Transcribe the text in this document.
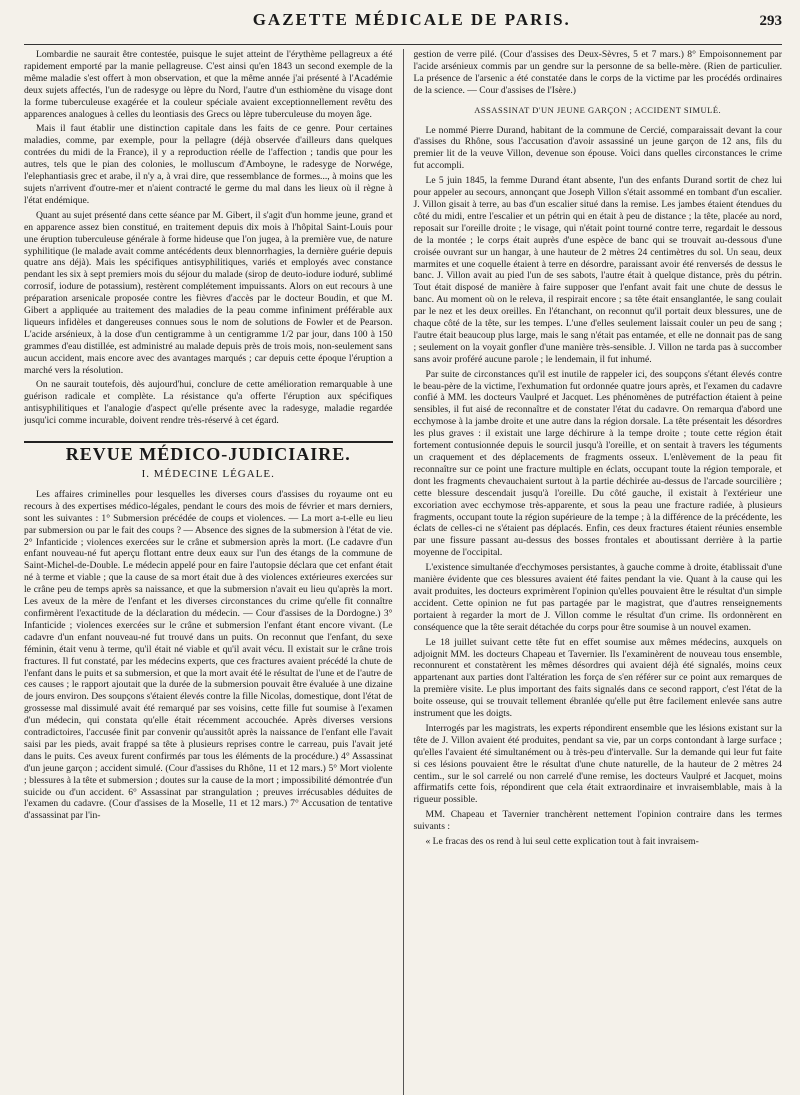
GAZETTE MÉDICALE DE PARIS.	293

Lombardie ne saurait être contestée, puisque le sujet atteint de l'érythème pellagreux a été rapidement emporté par la manie pellagreuse. C'est ainsi qu'en 1843 un second exemple de la même maladie s'est offert à mon observation, et que la même année j'ai présenté à l'Académie deux sujets affectés, l'un de radesyge ou lèpre du Nord, l'autre d'un esthiomène du visage dont la forme tuberculeuse exagérée et la couleur spéciale avaient exceptionnellement revêtu des apparences analogues à celles du leontiasis des Grecs ou lèpre tuberculeuse du moyen âge.

Mais il faut établir une distinction capitale dans les faits de ce genre. Pour certaines maladies, comme, par exemple, pour la pellagre (déjà observée d'ailleurs dans quelques contrées du midi de la France), il y a reproduction réelle de l'affection ; tandis que pour les autres, tels que le pian des colonies, le molluscum d'Amboyne, le radesyge de Norwége, l'elephantiasis grec et arabe, il n'y a, à vrai dire, que ressemblance de formes..., à moins que les sujets n'arrivent d'outre-mer et n'aient contracté le germe du mal dans les lieux où il règne à l'état endémique.

Quant au sujet présenté dans cette séance par M. Gibert, il s'agit d'un homme jeune, grand et en apparence assez bien constitué, en traitement depuis dix mois à l'hôpital Saint-Louis pour une éruption tuberculeuse générale à forme hideuse que l'on jugea, à la première vue, de nature syphilitique (le malade avait comme antécédents deux blennorrhagies, la dernière guérie depuis quatre ans déjà). Mais les spécifiques antisyphilitiques, variés et employés avec constance pendant les six à sept premiers mois du séjour du malade (sirop de deuto-iodure ioduré, sublimé corrosif, iodure de potassium), restèrent complétement impuissants. Alors on eut recours à une préparation arsenicale proposée contre les fièvres d'accès par le docteur Boudin, et que M. Gibert a appliquée au traitement des maladies de la peau comme infiniment préférable aux liqueurs infidèles et dangereuses connues sous le nom de solutions de Fowler et de Pearson. L'acide arsénieux, à la dose d'un centigramme à un centigramme 1/2 par jour, dans 100 à 150 grammes d'eau distillée, est administré au malade depuis près de trois mois, non-seulement sans aucun accident, mais encore avec des avantages marqués ; car depuis cette époque l'éruption a marché vers la résolution.

On ne saurait toutefois, dès aujourd'hui, conclure de cette amélioration remarquable à une guérison radicale et complète. La résistance qu'a offerte l'éruption aux spécifiques antisyphilitiques et l'analogie d'aspect qu'elle présente avec la radesyge, maladie regardée jusqu'ici comme incurable, doivent rendre très-réservé à cet égard.

REVUE MÉDICO-JUDICIAIRE.
I. MÉDECINE LÉGALE.

Les affaires criminelles pour lesquelles les diverses cours d'assises du royaume ont eu recours à des expertises médico-légales, pendant le cours des mois de février et mars derniers, sont les suivantes : 1° Submersion précédée de coups et violences. — La mort a-t-elle eu lieu par submersion ou par le fait des coups ? — Absence des signes de la submersion à l'état de vie. 2° Infanticide ; violences exercées sur le crâne et submersion après la mort. (Le cadavre d'un enfant nouveau-né fut aperçu flottant entre deux eaux sur l'un des étangs de la commune de Saint-Michel-de-Double. Le médecin appelé pour en faire l'autopsie déclara que cet enfant était né à terme et viable ; que la cause de sa mort était due à des violences extérieures exercées sur le crâne peu de temps après sa naissance, et que la submersion n'avait eu lieu qu'après la mort. Les aveux de la mère de l'enfant et les diverses circonstances du crime qu'elle fit connaître confirmèrent l'exactitude de la déclaration du médecin. — Cour d'assises de la Dordogne.) 3° Infanticide ; violences exercées sur le crâne et submersion l'enfant étant encore vivant. (Le cadavre d'un enfant nouveau-né fut trouvé dans un puits. On reconnut que l'enfant, du sexe féminin, était venu à terme, qu'il était né viable et qu'il avait vécu. Il existait sur le crâne trois fractures. Il fut constaté, par les médecins experts, que ces fractures avaient précédé la chute de l'enfant dans le puits et sa submersion, et que la mort avait été le résultat de l'une et de l'autre de ces causes ; le rapport ajoutait que la durée de la submersion pouvait être évaluée à une dizaine de jours environ. Des soupçons s'étaient élevés contre la fille Nicolas, domestique, dont l'état de grossesse mal dissimulé avait été remarqué par ses voisins, cette fille fut soumise à l'examen d'un médecin, qui constata qu'elle était récemment accouchée. Après diverses versions contradictoires, l'accusée finit par convenir qu'aussitôt après la naissance de l'enfant elle l'avait saisi par les pieds, avait frappé sa tête à plusieurs reprises contre le carreau, puis l'avait jeté dans le puits. Ces aveux furent confirmés par tous les éléments de la procédure.) 4° Assassinat d'un jeune garçon ; accident simulé. (Cour d'assises du Rhône, 11 et 12 mars.) 5° Mort violente ; blessures à la tête et submersion ; doutes sur la cause de la mort ; impossibilité démontrée d'un suicide ou d'un accident. 6° Assassinat par strangulation ; preuves irrécusables déduites de l'examen du cadavre. (Cour d'assises de la Moselle, 11 et 12 mars.) 7° Accusation de tentative d'assassinat par l'in-

gestion de verre pilé. (Cour d'assises des Deux-Sèvres, 5 et 7 mars.) 8° Empoisonnement par l'acide arsénieux commis par un gendre sur la personne de sa belle-mère. (Rien de particulier. La présence de l'arsenic a été constatée dans le corps de la victime par les procédés ordinaires de la science. — Cour d'assises de l'Isère.)

ASSASSINAT D'UN JEUNE GARÇON ; ACCIDENT SIMULÉ.

Le nommé Pierre Durand, habitant de la commune de Cercié, comparaissait devant la cour d'assises du Rhône, sous l'accusation d'avoir assassiné un jeune garçon de 12 ans, fils du premier lit de la veuve Villon, devenue son épouse. Voici dans quelles circonstances le crime fut accompli.

Le 5 juin 1845, la femme Durand étant absente, l'un des enfants Durand sortit de chez lui pour appeler au secours, annonçant que Joseph Villon s'était assommé en tombant d'un escalier. J. Villon gisait à terre, au bas d'un escalier situé dans la remise. Les jambes étaient étendues du côté du midi, entre l'escalier et un pétrin qui en était à peu de distance ; la tête, placée au nord, reposait sur l'oreille droite ; le visage, qui n'était point tourné contre terre, regardait le dessous de la montée ; le corps était auprès d'une espèce de banc qui se trouvait au-dessous d'une croisée ouvrant sur un hangar, à une hauteur de 2 mètres 24 centimètres du sol. Un seau, deux marmites et une coquelle étaient à terre en désordre, paraissant avoir été renversés de dessus le banc. J. Villon avait au pied l'un de ses sabots, l'autre était à quelque distance, près du pétrin. Tout était disposé de manière à faire supposer que l'enfant avait fait une chute de dessus le banc. Au moment où on le releva, il respirait encore ; sa tête était ensanglantée, le sang coulait par le nez et les deux oreilles. En l'étanchant, on reconnut qu'il portait deux blessures, une de chaque côté de la tête, sur les tempes. L'une d'elles seulement laissait couler un peu de sang ; l'autre était beaucoup plus large, mais le sang n'était pas entamée, et elle ne donnait pas de sang ; seulement on la voyait gonfler d'une manière très-sensible. J. Villon ne tarda pas à succomber sans avoir proféré aucune parole ; le lendemain, il fut inhumé.

Par suite de circonstances qu'il est inutile de rappeler ici, des soupçons s'étant élevés contre le beau-père de la victime, l'exhumation fut ordonnée quatre jours après, et l'examen du cadavre confié à MM. les docteurs Vaulpré et Jacquet. Les phénomènes de putréfaction étaient à peine sensibles, il fut aisé de reconnaître et de constater l'état du cadavre. On remarqua d'abord une ecchymose à la jambe droite et une autre dans la région dorsale. La tête présentait les désordres les plus graves : il existait une large déchirure à la tempe droite ; toute cette région était fortement contusionnée depuis le sourcil jusqu'à l'oreille, et on sentait à travers les téguments un craquement et des déplacements de fragments osseux. L'enlèvement de la peau fit reconnaître sur ce point une fracture multiple en éclats, occupant toute la région temporale, et dont les fragments chevauchaient surtout à la partie déchirée au-dessus de l'arcade sourcilière ; cette blessure descendait jusqu'à l'oreille. Du côté gauche, il existait à l'extérieur une excoriation avec ecchymose très-apparente, et sous la peau une fracture radiée, à plusieurs fragments, occupant toute la région supérieure de la tempe ; à la différence de la précédente, les éclats de celles-ci ne s'étaient pas déplacés. Enfin, ces deux fractures étaient réunies ensemble par une fissure passant au-dessus des bosses frontales et aboutissant derrière à la partie moyenne de l'occipital.

L'existence simultanée d'ecchymoses persistantes, à gauche comme à droite, établissait d'une manière évidente que ces blessures avaient été faites pendant la vie. Quant à la cause qui les avait produites, les docteurs exprimèrent l'opinion qu'elles pouvaient être le résultat d'un simple accident. Cette opinion ne fut pas partagée par le magistrat, que d'autres renseignements portaient à regarder la mort de J. Villon comme le résultat d'un crime. Ils ordonnèrent en conséquence que la tête serait détachée du corps pour être soumise à un nouvel examen.

Le 18 juillet suivant cette tête fut en effet soumise aux mêmes médecins, auxquels on adjoignit MM. les docteurs Chapeau et Tavernier. Ils l'examinèrent de nouveau tous ensemble, reconnurent et constatèrent les mêmes désordres qui avaient déjà été signalés, moins ceux appartenant aux parties dont l'altération les força de s'en référer sur ce point aux remarques de la première visite. Le plus important des faits signalés dans ce second rapport, c'est l'état de la boite osseuse, qui se trouvait tellement ébranlée qu'elle put être facilement enlevée sans autre instrument que les doigts.

Interrogés par les magistrats, les experts répondirent ensemble que les lésions existant sur la tête de J. Villon avaient été produites, pendant sa vie, par un corps contondant à large surface ; qu'elles l'avaient été simultanément ou à très-peu d'intervalle. Sur la demande qui leur fut faite si ces lésions pouvaient être le résultat d'une chute naturelle, de la hauteur de 2 mètres 24 centim., sur le sol carrelé ou non carrelé d'une remise, les docteurs Vaulpré et Jacquet, moins affirmatifs cette fois, répondirent que cela était extraordinaire et invraisemblable, mais à la rigueur possible.

MM. Chapeau et Tavernier tranchèrent nettement l'opinion contraire dans les termes suivants :

« Le fracas des os rend à lui seul cette explication tout à fait invraisem-
